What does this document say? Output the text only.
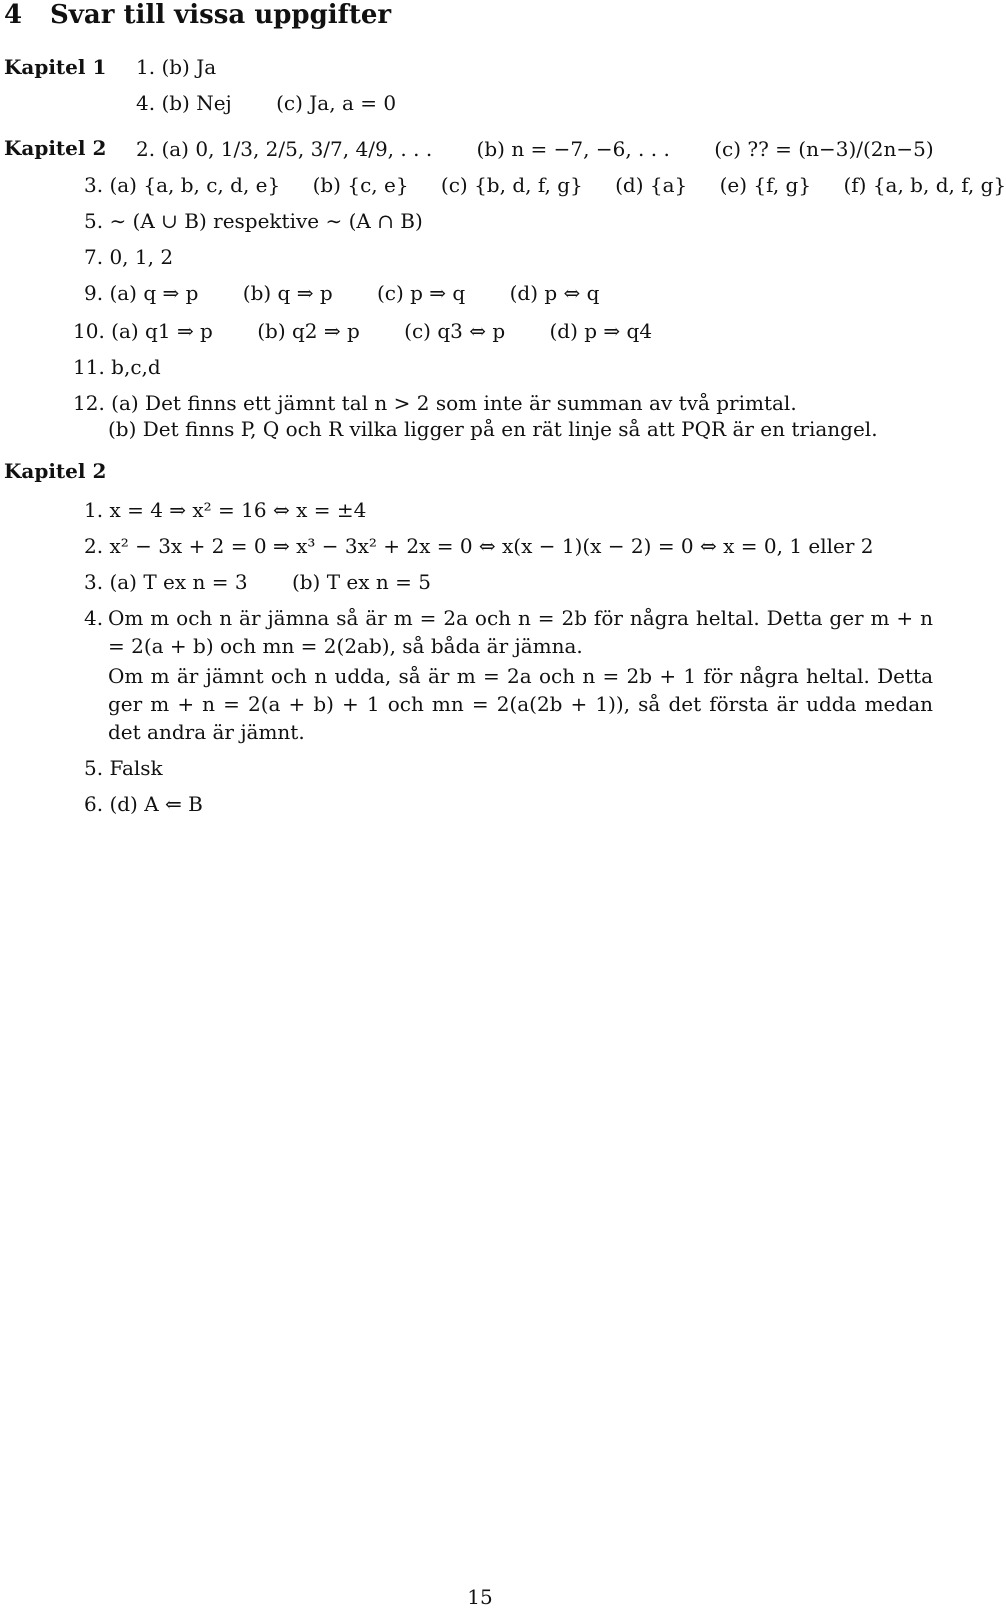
4 Svar till vissa uppgifter
Kapitel 1 1. (b) Ja
4. (b) Nej (c) Ja, a = 0
Kapitel 2 2. (a) 0, 1/3, 2/5, 3/7, 4/9, . . . (b) n = −7, −6, . . . (c) ?? = (n−3)/(2n−5)
3. (a) {a, b, c, d, e} (b) {c, e} (c) {b, d, f, g} (d) {a} (e) {f, g} (f) {a, b, d, f, g}
5. ∼ (A ∪ B) respektive ∼ (A ∩ B)
7. 0, 1, 2
9. (a) q ⇒ p (b) q ⇒ p (c) p ⇒ q (d) p ⇔ q
10. (a) q1 ⇒ p (b) q2 ⇒ p (c) q3 ⇔ p (d) p ⇒ q4
11. b,c,d
12. (a) Det finns ett jämnt tal n > 2 som inte är summan av två primtal.
(b) Det finns P, Q och R vilka ligger på en rät linje så att PQR är en triangel.
Kapitel 2
1. x = 4 ⇒ x² = 16 ⇔ x = ±4
2. x² − 3x + 2 = 0 ⇒ x³ − 3x² + 2x = 0 ⇔ x(x − 1)(x − 2) = 0 ⇔ x = 0, 1 eller 2
3. (a) T ex n = 3 (b) T ex n = 5
4. Om m och n är jämna så är m = 2a och n = 2b för några heltal. Detta ger m + n = 2(a + b) och mn = 2(2ab), så båda är jämna.
Om m är jämnt och n udda, så är m = 2a och n = 2b + 1 för några heltal. Detta ger m + n = 2(a + b) + 1 och mn = 2(a(2b + 1)), så det första är udda medan det andra är jämnt.
5. Falsk
6. (d) A ⇐ B
15
